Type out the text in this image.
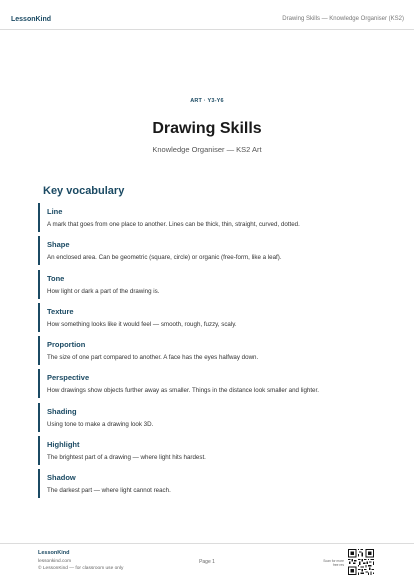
LessonKind	Drawing Skills — Knowledge Organiser (KS2)
ART · Y3-Y6
Drawing Skills
Knowledge Organiser — KS2 Art
Key vocabulary
Line
A mark that goes from one place to another. Lines can be thick, thin, straight, curved, dotted.
Shape
An enclosed area. Can be geometric (square, circle) or organic (free-form, like a leaf).
Tone
How light or dark a part of the drawing is.
Texture
How something looks like it would feel — smooth, rough, fuzzy, scaly.
Proportion
The size of one part compared to another. A face has the eyes halfway down.
Perspective
How drawings show objects further away as smaller. Things in the distance look smaller and lighter.
Shading
Using tone to make a drawing look 3D.
Highlight
The brightest part of a drawing — where light hits hardest.
Shadow
The darkest part — where light cannot reach.
LessonKind
lessonkind.com
© LessonKind — for classroom use only
Page 1	Scan for more free res
